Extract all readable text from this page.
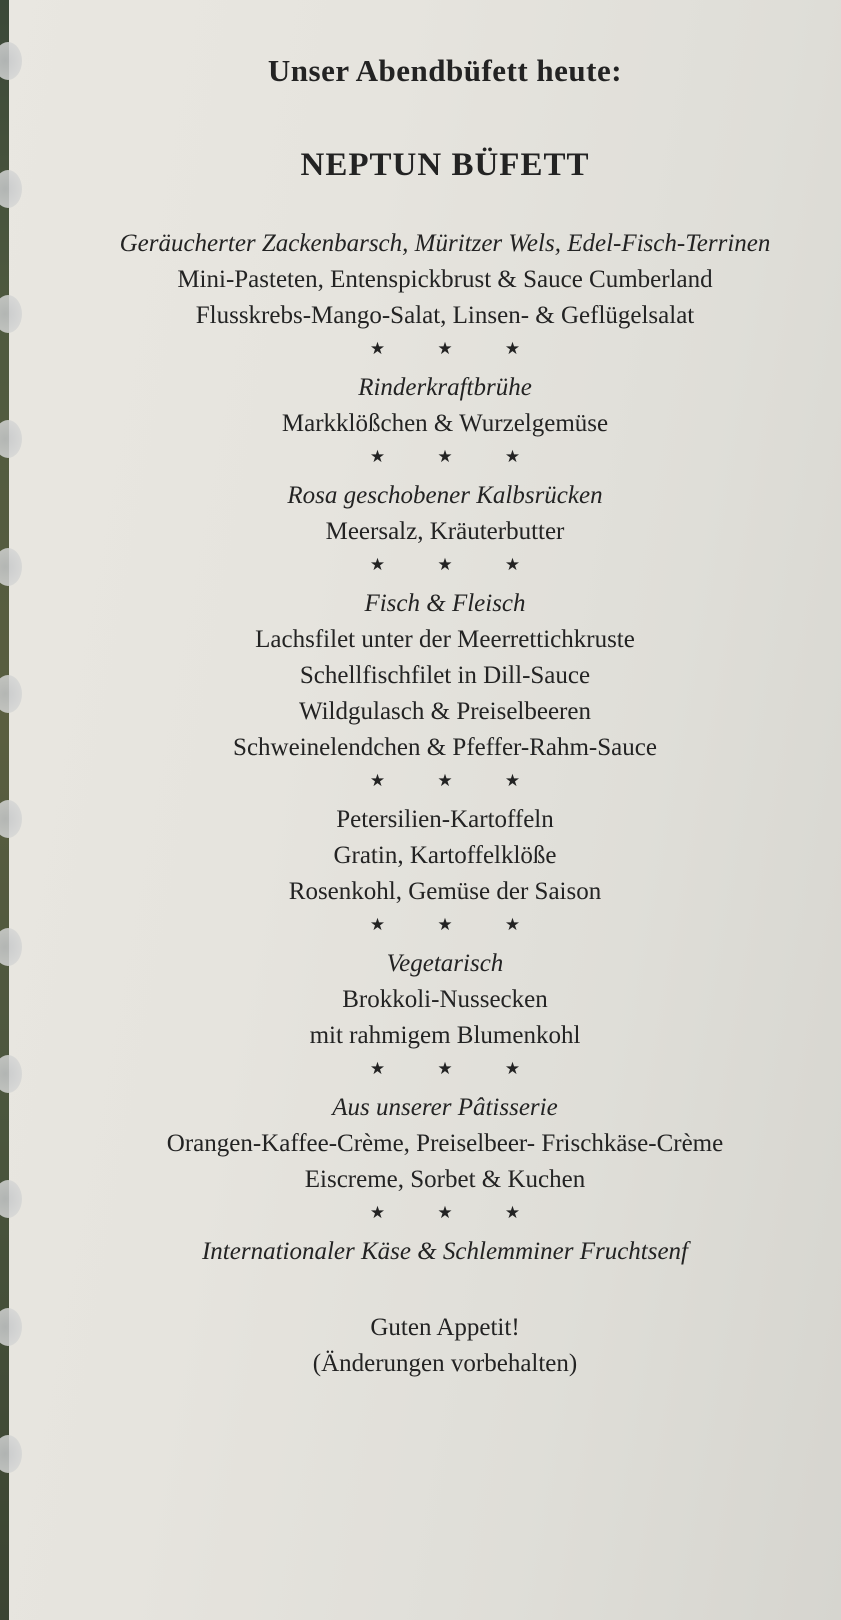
Unser Abendbüfett heute:
NEPTUN BÜFETT
Geräucherter Zackenbarsch, Müritzer Wels, Edel-Fisch-Terrinen
Mini-Pasteten, Entenspickbrust & Sauce Cumberland
Flusskrebs-Mango-Salat, Linsen- & Geflügelsalat
★ ★ ★
Rinderkraftbrühe
Markklößchen & Wurzelgemüse
★ ★ ★
Rosa geschobener Kalbsrücken
Meersalz, Kräuterbutter
★ ★ ★
Fisch & Fleisch
Lachsfilet unter der Meerrettichkruste
Schellfischfilet in Dill-Sauce
Wildgulasch & Preiselbeeren
Schweinelendchen & Pfeffer-Rahm-Sauce
★ ★ ★
Petersilien-Kartoffeln
Gratin, Kartoffelklöße
Rosenkohl, Gemüse der Saison
★ ★ ★
Vegetarisch
Brokkoli-Nussecken
mit rahmigem Blumenkohl
★ ★ ★
Aus unserer Pâtisserie
Orangen-Kaffee-Crème, Preiselbeer- Frischkäse-Crème
Eiscreme, Sorbet & Kuchen
★ ★ ★
Internationaler Käse & Schlemminer Fruchtsenf
Guten Appetit!
(Änderungen vorbehalten)
